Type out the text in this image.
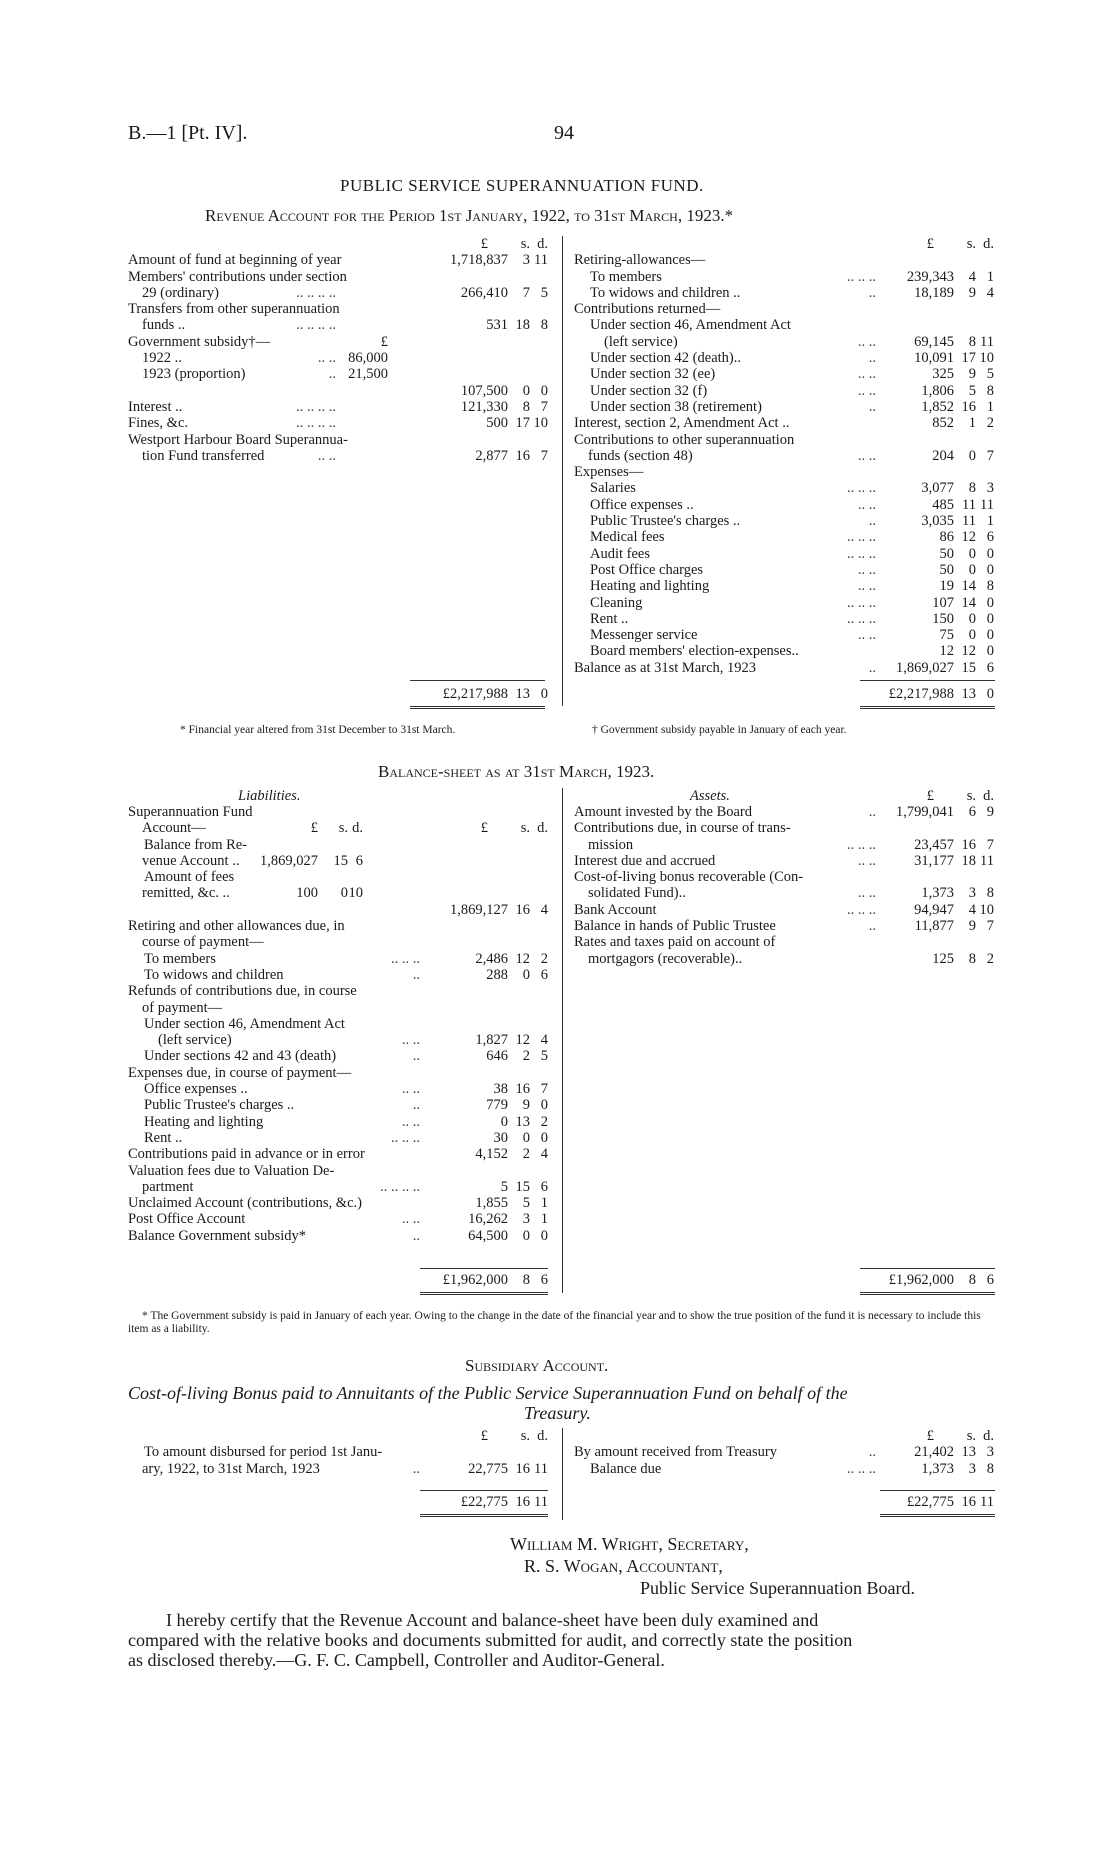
B.—1 [Pt. IV].	94
PUBLIC SERVICE SUPERANNUATION FUND.
Revenue Account for the Period 1st January, 1922, to 31st March, 1923.*
£ s. d.
Amount of fund at beginning of year	1,718,837 3 11
Members' contributions under section
29 (ordinary)	.. .. .. ..	266,410 7 5
Transfers from other superannuation
funds ..	.. .. .. ..	531 18 8
Government subsidy†—	£
1922 ..	.. .. 86,000
1923 (proportion)	.. 21,500
107,500 0 0
Interest ..	.. .. .. ..	121,330 8 7
Fines, &c.	.. .. .. ..	500 17 10
Westport Harbour Board Superannua-
tion Fund transferred	.. ..	2,877 16 7
£ s. d.
Retiring-allowances—
To members	.. .. .. 239,343 4 1
To widows and children ..	..	18,189 9 4
Contributions returned—
Under section 46, Amendment Act
(left service)	.. ..	69,145 8 11
Under section 42 (death)..	..	10,091 17 10
Under section 32 (ee)	.. ..	325 9 5
Under section 32 (f)	.. ..	1,806 5 8
Under section 38 (retirement)	..	1,852 16 1
Interest, section 2, Amendment Act ..	852 1 2
Contributions to other superannuation
funds (section 48)	.. ..	204 0 7
Expenses—
Salaries	.. .. ..	3,077 8 3
Office expenses ..	.. ..	485 11 11
Public Trustee's charges ..	..	3,035 11 1
Medical fees	.. .. ..	86 12 6
Audit fees	.. .. ..	50 0 0
Post Office charges	.. ..	50 0 0
Heating and lighting	.. ..	19 14 8
Cleaning	.. .. ..	107 14 0
Rent ..	.. .. ..	150 0 0
Messenger service	.. ..	75 0 0
Board members' election-expenses..	12 12 0
Balance as at 31st March, 1923	.. 1,869,027 15 6
£2,217,988 13 0	£2,217,988 13 0
* Financial year altered from 31st December to 31st March.	† Government subsidy payable in January of each year.
Balance-sheet as at 31st March, 1923.
Liabilities.	Assets.	£ s. d.
Superannuation Fund
Account—	£ s. d.	£ s. d.
Balance from Re-
venue Account .. 1,869,027 15 6
Amount of fees
remitted, &c. ..	100 0 10
1,869,127 16 4
Retiring and other allowances due, in
course of payment—
To members	.. .. ..	2,486 12 2
To widows and children	..	288 0 6
Refunds of contributions due, in course
of payment—
Under section 46, Amendment Act
(left service)	.. ..	1,827 12 4
Under sections 42 and 43 (death)	..	646 2 5
Expenses due, in course of payment—
Office expenses ..	.. ..	38 16 7
Public Trustee's charges ..	..	779 9 0
Heating and lighting	.. ..	0 13 2
Rent ..	.. .. ..	30 0 0
Contributions paid in advance or in error	4,152 2 4
Valuation fees due to Valuation De-
partment	.. .. .. ..	5 15 6
Unclaimed Account (contributions, &c.)	1,855 5 1
Post Office Account	.. ..	16,262 3 1
Balance Government subsidy*	..	64,500 0 0
Amount invested by the Board	.. 1,799,041 6 9
Contributions due, in course of trans-
mission	.. .. ..	23,457 16 7
Interest due and accrued	.. ..	31,177 18 11
Cost-of-living bonus recoverable (Con-
solidated Fund)..	.. ..	1,373 3 8
Bank Account	.. .. ..	94,947 4 10
Balance in hands of Public Trustee	..	11,877 9 7
Rates and taxes paid on account of
mortgagors (recoverable)..	125 8 2
£1,962,000 8 6	£1,962,000 8 6
* The Government subsidy is paid in January of each year. Owing to the change in the date of the financial year and to show the true position of the fund it is necessary to include this item as a liability.
Subsidiary Account.
Cost-of-living Bonus paid to Annuitants of the Public Service Superannuation Fund on behalf of the
Treasury.
£ s. d.
To amount disbursed for period 1st Janu-
ary, 1922, to 31st March, 1923	..	22,775 16 11
£ s. d.
By amount received from Treasury	..	21,402 13 3
Balance due	.. .. ..	1,373 3 8
£22,775 16 11	£22,775 16 11
William M. Wright, Secretary,
R. S. Wogan, Accountant,
Public Service Superannuation Board.
I hereby certify that the Revenue Account and balance-sheet have been duly examined and
compared with the relative books and documents submitted for audit, and correctly state the position
as disclosed thereby.—G. F. C. Campbell, Controller and Auditor-General.
